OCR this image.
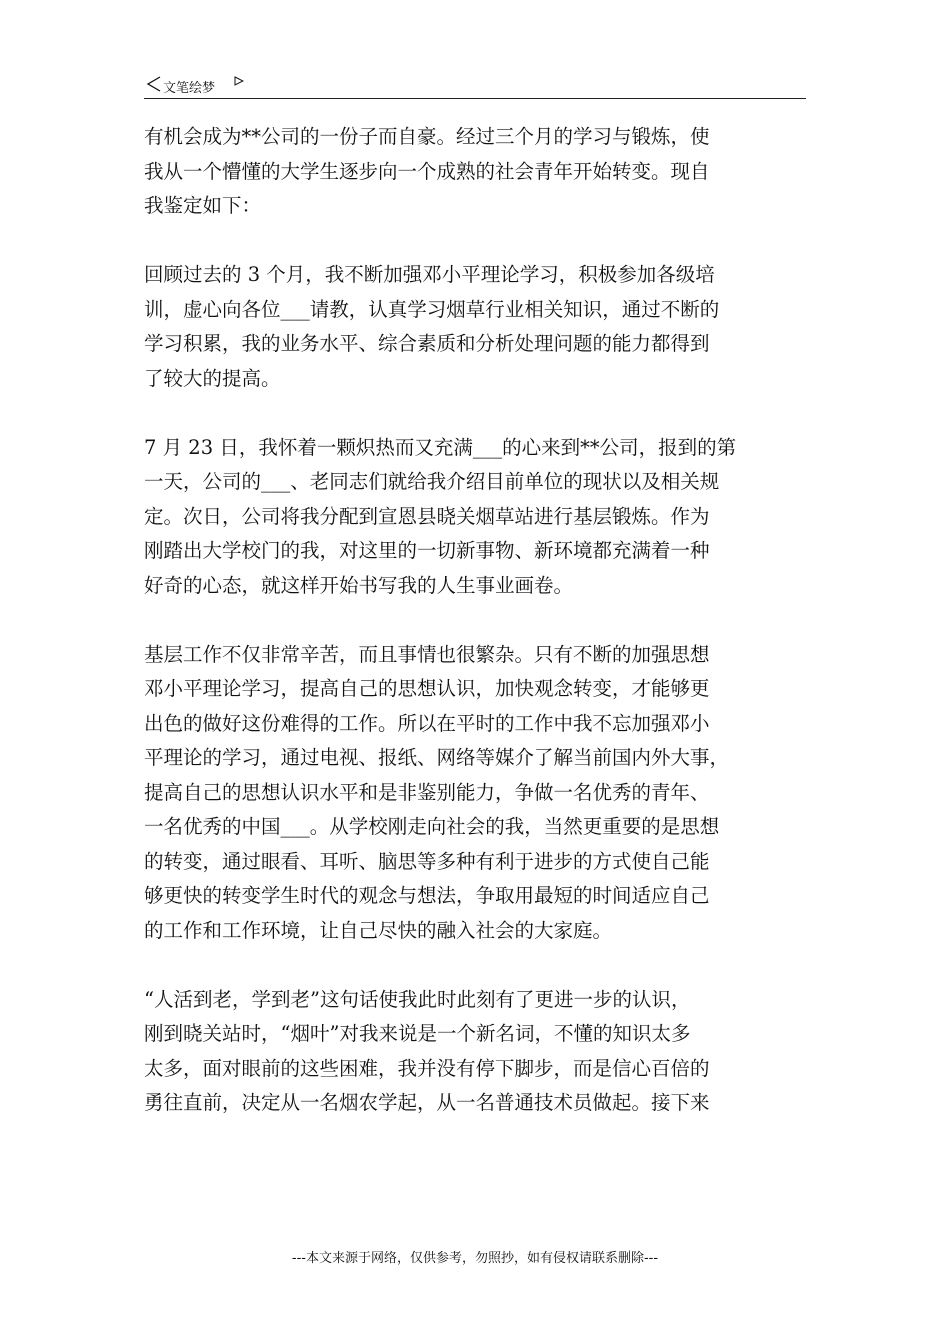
文笔绘梦

有机会成为**公司的一份子而自豪。经过三个月的学习与锻炼，使
我从一个懵懂的大学生逐步向一个成熟的社会青年开始转变。现自
我鉴定如下：

回顾过去的 3 个月，我不断加强邓小平理论学习，积极参加各级培
训，虚心向各位___请教，认真学习烟草行业相关知识，通过不断的
学习积累，我的业务水平、综合素质和分析处理问题的能力都得到
了较大的提高。

7 月 23 日，我怀着一颗炽热而又充满___的心来到**公司，报到的第
一天，公司的___、老同志们就给我介绍目前单位的现状以及相关规
定。次日，公司将我分配到宣恩县晓关烟草站进行基层锻炼。作为
刚踏出大学校门的我，对这里的一切新事物、新环境都充满着一种
好奇的心态，就这样开始书写我的人生事业画卷。

基层工作不仅非常辛苦，而且事情也很繁杂。只有不断的加强思想
邓小平理论学习，提高自己的思想认识，加快观念转变，才能够更
出色的做好这份难得的工作。所以在平时的工作中我不忘加强邓小
平理论的学习，通过电视、报纸、网络等媒介了解当前国内外大事，
提高自己的思想认识水平和是非鉴别能力，争做一名优秀的青年、
一名优秀的中国___。从学校刚走向社会的我，当然更重要的是思想
的转变，通过眼看、耳听、脑思等多种有利于进步的方式使自己能
够更快的转变学生时代的观念与想法，争取用最短的时间适应自己
的工作和工作环境，让自己尽快的融入社会的大家庭。

“人活到老，学到老”这句话使我此时此刻有了更进一步的认识，
刚到晓关站时，“烟叶”对我来说是一个新名词，不懂的知识太多
太多，面对眼前的这些困难，我并没有停下脚步，而是信心百倍的
勇往直前，决定从一名烟农学起，从一名普通技术员做起。接下来

---本文来源于网络，仅供参考，勿照抄，如有侵权请联系删除---
